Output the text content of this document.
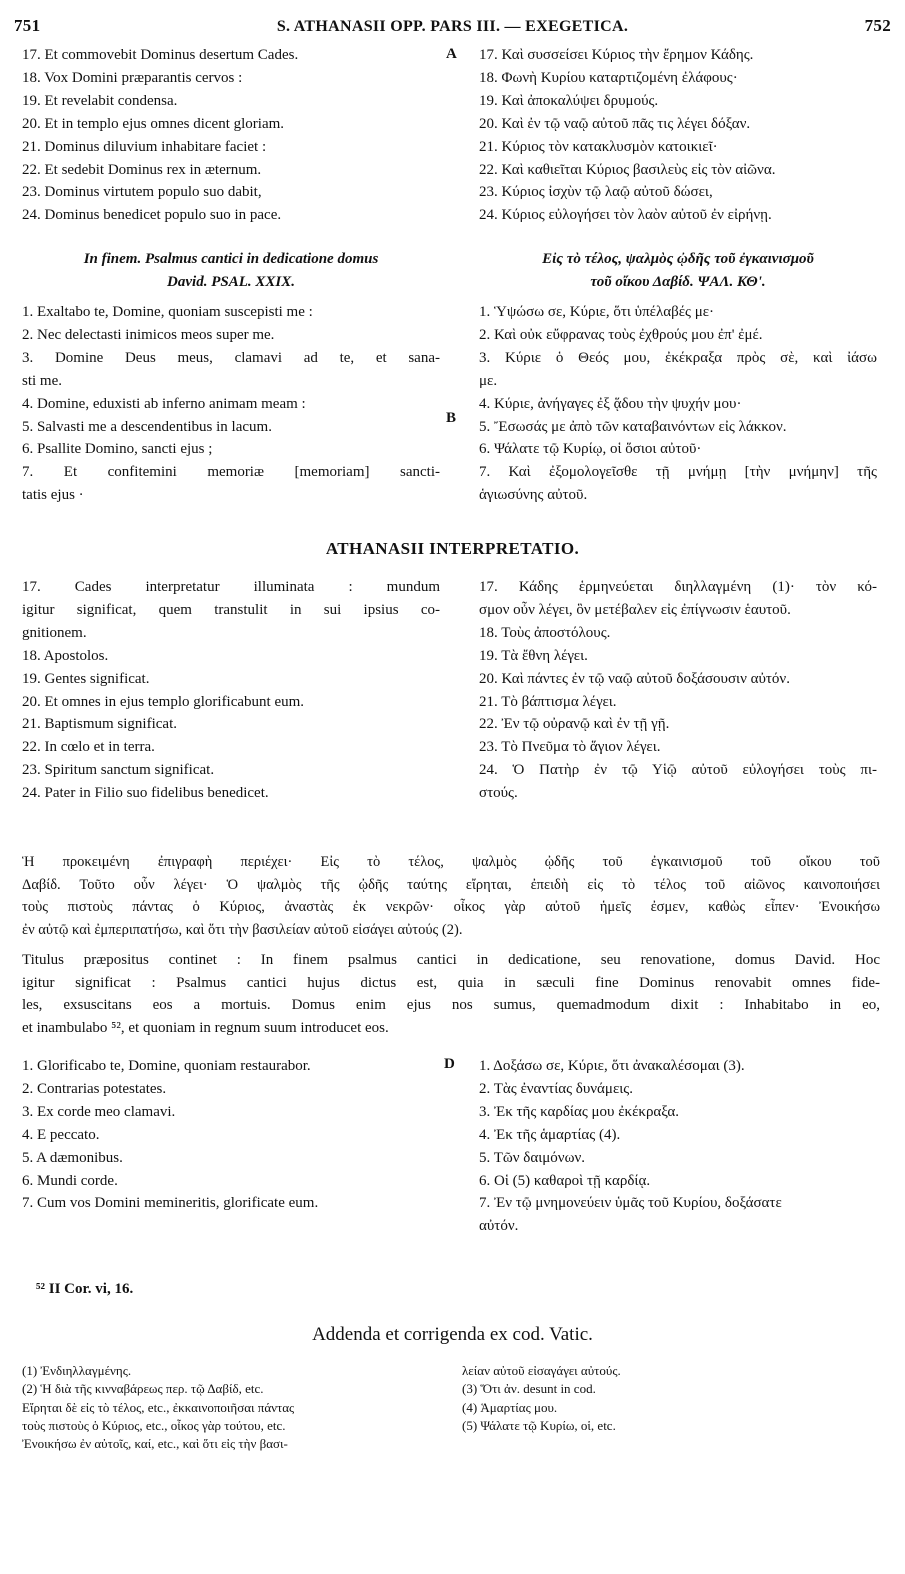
751	S. ATHANASII OPP. PARS III. — EXEGETICA.	752
17. Et commovebit Dominus desertum Cades.
18. Vox Domini præparantis cervos :
19. Et revelabit condensa.
20. Et in templo ejus omnes dicent gloriam.
21. Dominus diluvium inhabitare faciet :
22. Et sedebit Dominus rex in æternum.
23. Dominus virtutem populo suo dabit,
24. Dominus benedicet populo suo in pace.
A 17. Καὶ συσσείσει Κύριος τὴν ἔρημον Κάδης.
18. Φωνὴ Κυρίου καταρτιζομένη ἐλάφους·
19. Καὶ ἀποκαλύψει δρυμούς.
20. Καὶ ἐν τῷ ναῷ αὐτοῦ πᾶς τις λέγει δόξαν.
21. Κύριος τὸν κατακλυσμὸν κατοικιεῖ·
22. Καὶ καθιεῖται Κύριος βασιλεὺς εἰς τὸν αἰῶνα.
23. Κύριος ἰσχὺν τῷ λαῷ αὐτοῦ δώσει,
24. Κύριος εὐλογήσει τὸν λαὸν αὐτοῦ ἐν εἰρήνῃ.
In finem. Psalmus cantici in dedicatione domus
David. PSAL. XXIX.
Εἰς τὸ τέλος, ψαλμὸς ᾠδῆς τοῦ ἐγκαινισμοῦ
τοῦ οἴκου Δαβίδ. ΨΑΛ. ΚΘʹ.
1. Exaltabo te, Domine, quoniam suscepisti me :
2. Nec delectasti inimicos meos super me.
3. Domine Deus meus, clamavi ad te, et sana-
sti me.
4. Domine, eduxisti ab inferno animam meam :
5. Salvasti me a descendentibus in lacum.
6. Psallite Domino, sancti ejus ;
7. Et confitemini memoriæ [memoriam] sancti-
tatis ejus ·
B
1. Ὑψώσω σε, Κύριε, ὅτι ὑπέλαβές με·
2. Καὶ οὐκ εὔφρανας τοὺς ἐχθρούς μου ἐπ' ἐμέ.
3. Κύριε ὁ Θεός μου, ἐκέκραξα πρὸς σὲ, καὶ ἰάσω
με.
4. Κύριε, ἀνήγαγες ἐξ ᾅδου τὴν ψυχήν μου·
5. Ἔσωσάς με ἀπὸ τῶν καταβαινόντων εἰς λάκκον.
6. Ψάλατε τῷ Κυρίῳ, οἱ ὅσιοι αὐτοῦ·
7. Καὶ ἐξομολογεῖσθε τῇ μνήμῃ [τὴν μνήμην] τῆς
ἁγιωσύνης αὐτοῦ.
ATHANASII INTERPRETATIO.
17. Cades interpretatur illuminata : mundum
igitur significat, quem transtulit in sui ipsius co-
gnitionem.
18. Apostolos.
19. Gentes significat.
20. Et omnes in ejus templo glorificabunt eum.
21. Baptismum significat.
22. In cœlo et in terra.
23. Spiritum sanctum significat.
24. Pater in Filio suo fidelibus benedicet.
17. Κάδης ἑρμηνεύεται διηλλαγμένη (1)· τὸν κό-
σμον οὖν λέγει, ὃν μετέβαλεν εἰς ἐπίγνωσιν ἑαυτοῦ.
18. Τοὺς ἀποστόλους.
19. Τὰ ἔθνη λέγει.
20. Καὶ πάντες ἐν τῷ ναῷ αὐτοῦ δοξάσουσιν αὐτόν.
21. Τὸ βάπτισμα λέγει.
22. Ἐν τῷ οὐρανῷ καὶ ἐν τῇ γῇ.
23. Τὸ Πνεῦμα τὸ ἅγιον λέγει.
24. Ὁ Πατὴρ ἐν τῷ Υἱῷ αὐτοῦ εὐλογήσει τοὺς πι-
στούς.
Ἡ προκειμένη ἐπιγραφὴ περιέχει· Εἰς τὸ τέλος, ψαλμὸς ᾠδῆς τοῦ ἐγκαινισμοῦ τοῦ οἴκου τοῦ
Δαβίδ. Τοῦτο οὖν λέγει· Ὁ ψαλμὸς τῆς ᾠδῆς ταύτης εἴρηται, ἐπειδὴ εἰς τὸ τέλος τοῦ αἰῶνος καινοποιήσει
τοὺς πιστοὺς πάντας ὁ Κύριος, ἀναστὰς ἐκ νεκρῶν· οἶκος γὰρ αὐτοῦ ἡμεῖς ἐσμεν, καθὼς εἶπεν· Ἐνοικήσω
ἐν αὐτῷ καὶ ἐμπεριπατήσω, καὶ ὅτι τὴν βασιλείαν αὐτοῦ εἰσάγει αὐτούς (2).
Titulus præpositus continet : In finem psalmus cantici in dedicatione, seu renovatione, domus David. Hoc
igitur significat : Psalmus cantici hujus dictus est, quia in sæculi fine Dominus renovabit omnes fide-
les, exsuscitans eos a mortuis. Domus enim ejus nos sumus, quemadmodum dixit : Inhabitabo in eo,
et inambulabo ⁵², et quoniam in regnum suum introducet eos.
1. Glorificabo te, Domine, quoniam restaurabor.
2. Contrarias potestates.
3. Ex corde meo clamavi.
4. E peccato.
5. A dæmonibus.
6. Mundi corde.
7. Cum vos Domini memineritis, glorificate eum.
D 1. Δοξάσω σε, Κύριε, ὅτι ἀνακαλέσομαι (3).
2. Τὰς ἐναντίας δυνάμεις.
3. Ἐκ τῆς καρδίας μου ἐκέκραξα.
4. Ἐκ τῆς ἁμαρτίας (4).
5. Τῶν δαιμόνων.
6. Οἱ (5) καθαροὶ τῇ καρδίᾳ.
7. Ἐν τῷ μνημονεύειν ὑμᾶς τοῦ Κυρίου, δοξάσατε
αὐτόν.
⁵² II Cor. vi, 16.
Addenda et corrigenda ex cod. Vatic.
(1) Ἐνδιηλλαγμένης.
(2) Ἡ διὰ τῆς κινναβάρεως περ. τῷ Δαβίδ, etc.
Εἴρηται δὲ εἰς τὸ τέλος, etc., ἐκκαινοποιῆσαι πάντας
τοὺς πιστοὺς ὁ Κύριος, etc., οἶκος γὰρ τούτου, etc.
Ἐνοικήσω ἐν αὐτοῖς, καί, etc., καὶ ὅτι εἰς τὴν βασι-
λείαν αὐτοῦ εἰσαγάγει αὐτούς.
(3) Ὅτι ἀν. desunt in cod.
(4) Ἁμαρτίας μου.
(5) Ψάλατε τῷ Κυρίω, οἱ, etc.
